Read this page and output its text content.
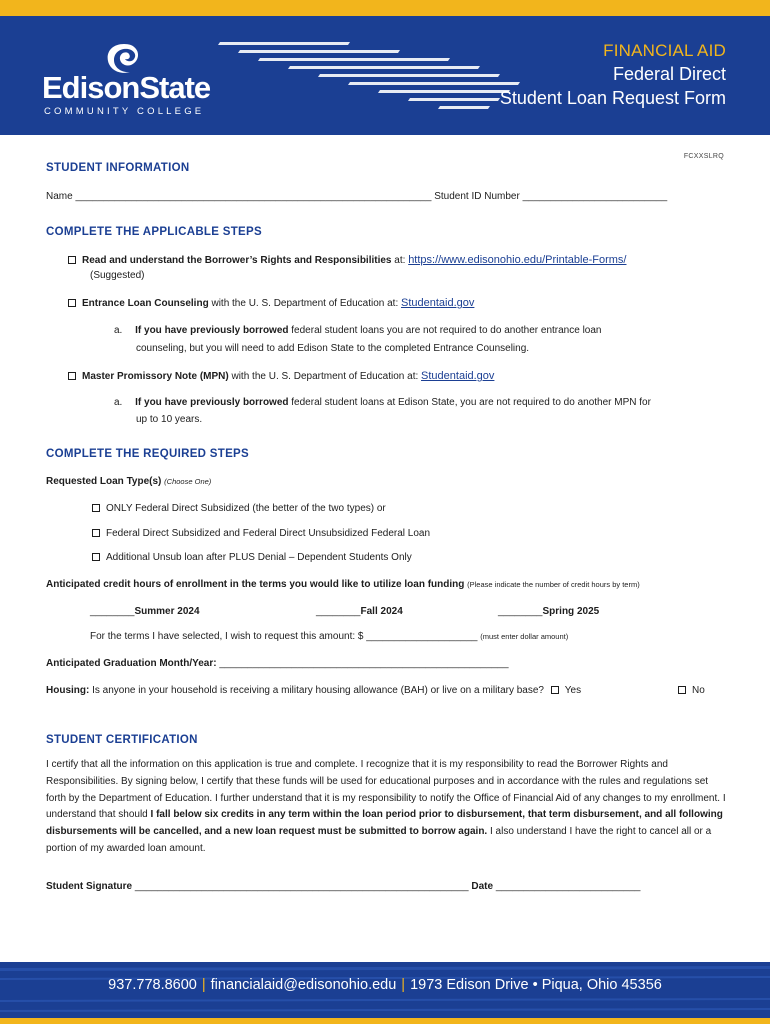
EdisonState
COMMUNITY COLLEGE
FINANCIAL AID
Federal Direct
Student Loan Request Form
FCXXSLRQ
STUDENT INFORMATION
Name ________________________________________________________________ Student ID Number __________________________
COMPLETE THE APPLICABLE STEPS
Read and understand the Borrower’s Rights and Responsibilities at: https://www.edisonohio.edu/Printable-Forms/
(Suggested)
Entrance Loan Counseling with the U. S. Department of Education at: Studentaid.gov
a. If you have previously borrowed federal student loans you are not required to do another entrance loan
counseling, but you will need to add Edison State to the completed Entrance Counseling.
Master Promissory Note (MPN) with the U. S. Department of Education at: Studentaid.gov
a. If you have previously borrowed federal student loans at Edison State, you are not required to do another MPN for
up to 10 years.
COMPLETE THE REQUIRED STEPS
Requested Loan Type(s) (Choose One)
ONLY Federal Direct Subsidized (the better of the two types) or
Federal Direct Subsidized and Federal Direct Unsubsidized Federal Loan
Additional Unsub loan after PLUS Denial – Dependent Students Only
Anticipated credit hours of enrollment in the terms you would like to utilize loan funding (Please indicate the number of credit hours by term)
________Summer 2024	________Fall 2024	________Spring 2025
For the terms I have selected, I wish to request this amount: $ ____________________ (must enter dollar amount)
Anticipated Graduation Month/Year: ____________________________________________________
Housing: Is anyone in your household is receiving a military housing allowance (BAH) or live on a military base? Yes	No
STUDENT CERTIFICATION
I certify that all the information on this application is true and complete. I recognize that it is my responsibility to read the Borrower Rights and Responsibilities. By signing below, I certify that these funds will be used for educational purposes and in accordance with the rules and regulations set forth by the Department of Education. I further understand that it is my responsibility to notify the Office of Financial Aid of any changes to my enrollment. I understand that should I fall below six credits in any term within the loan period prior to disbursement, that term disbursement, and all following disbursements will be cancelled, and a new loan request must be submitted to borrow again. I also understand I have the right to cancel all or a portion of my awarded loan amount.
Student Signature ____________________________________________________________ Date __________________________
937.778.8600 | financialaid@edisonohio.edu | 1973 Edison Drive • Piqua, Ohio 45356
